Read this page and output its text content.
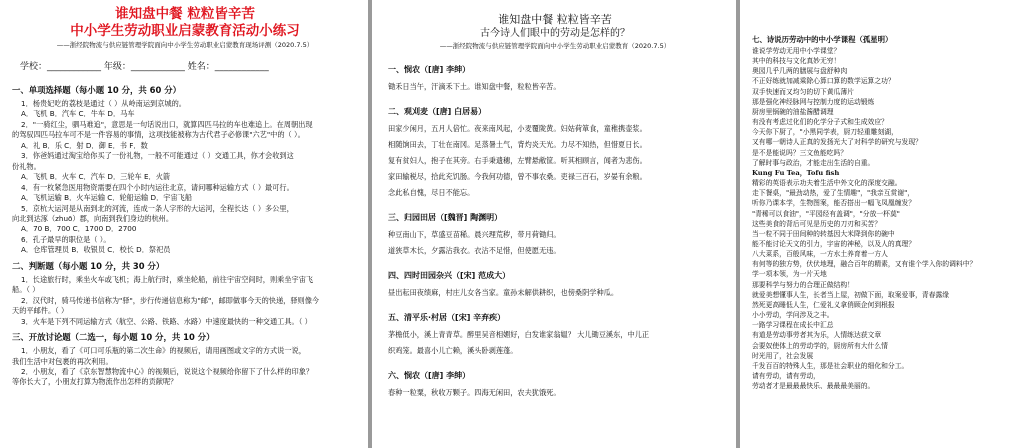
谁知盘中餐 粒粒皆辛苦
中小学生劳动职业启蒙教育活动小练习
——浙经院物流与供应链管理学院面向中小学生劳动职业启蒙教育现场评测（2020.7.5）
学校：____________ 年级：____________ 姓名：____________
一、单项选择题（每小题 10 分，共 60 分）
1．杨贵妃吃的荔枝是通过（ ）从岭南运到京城的。
A．飞机 B．汽车 C．牛车 D．马车
2．"一骑红尘，驷马难追"，意思是一句话说出口，就算四匹马拉的车也难追上。在周朝出现
的驾驭四匹马拉车可不是一件容易的事情，这项技能被称为古代君子必修课"六艺"中的（ ）。
A．礼 B．乐 C．射 D．御 E．书 F．数
3．你爸妈通过淘宝给你买了一份礼物，一般不可能通过（ ）交通工具，你才会收到这
份礼物。
A．飞机 B．火车 C．汽车 D．三轮车 E．火箭
4．有一枚紧急医用物资需要在四个小时内运往北京，请问哪种运输方式（ ）最可行。
A．飞机运输 B．火车运输 C．轮船运输 D．宇宙飞船
5．京杭大运河是从南到北的河流，连成一条人字形的大运河，全程长达（ ）多公里，
向北到达涿（zhuō）郡，向南到我们身边的杭州。
A．70 B．700 C．1700 D．2700
6．孔子最早的职位是（ ）。
A．仓库管理员 B．收银员 C．校长 D．祭祀员
二、判断题（每小题 10 分，共 30 分）
1．长途旅行时，乘坐火车或飞机；海上航行时，乘坐轮船，前往宇宙空间时，则乘坐宇宙飞
船。（ ）
2．汉代时，骑马传递书信称为"驿"，步行传递信息称为"邮"，邮即做事今天的快递，驿则像今
天的平邮件。（ ）
3．火车是下列不同运输方式（航空、公路、铁路、水路）中速度最快的一种交通工具。（ ）
三、开放讨论题（二选一，每小题 10 分，共 10 分）
1．小朋友，看了《可口可乐瓶的第二次生命》的视频后，请用画图或文字的方式说一说，
我们生活中对包裹的再次利用。
2．小朋友，看了《京东智慧物流中心》的视频后，说说这个视频给你留下了什么样的印象？
等你长大了，小朋友打算为物流作出怎样的贡献呢？
谁知盘中餐 粒粒皆辛苦
古今诗人们眼中的劳动是怎样的？
——浙经院物流与供应链管理学院面向中小学生劳动职业启蒙教育（2020.7.5）
一、悯农（[唐] 李绅）
锄禾日当午，汗滴禾下土。谁知盘中餐，粒粒皆辛苦。
二、观刈麦（[唐] 白居易）
田家少闲月，五月人倍忙。夜来南风起，小麦覆陇黄。妇姑荷箪食，童稚携壶浆。
相随饷田去，丁壮在南冈。足蒸暑土气，背灼炎天光。力尽不知热，但惜夏日长。
复有贫妇人，抱子在其旁。右手秉遗穗，左臂悬敝筐。听其相顾言，闻者为悲伤。
家田输税尽，拾此充饥肠。今我何功德，曾不事农桑。吏禄三百石，岁晏有余粮。
念此私自愧，尽日不能忘。
三、归园田居（[魏晋] 陶渊明）
种豆南山下，草盛豆苗稀。晨兴理荒秽，带月荷锄归。
道狭草木长，夕露沾我衣。衣沾不足惜，但使愿无违。
四、四时田园杂兴（[宋] 范成大）
昼出耘田夜绩麻，村庄儿女各当家。童孙未解供耕织，也傍桑阴学种瓜。
五、清平乐·村居（[宋] 辛弃疾）
茅檐低小，溪上青青草。醉里吴音相媚好，白发谁家翁媪？ 大儿锄豆溪东，中儿正
织鸡笼。最喜小儿亡赖，溪头卧剥莲蓬。
六、悯农（[唐] 李绅）
春种一粒粟，秋收万颗子。四海无闲田，农夫犹饿死。
七、诗说历劳动中的中小学课程（孤星明）
谁说学劳动无用中小学课堂？
其中的科技与文化真妙无穷！
奥园几乎几两的膳展与盘舒种肉
不正好练就加减乘除心算口算的数学运算之功？
双手快速而又均匀的切下黄瓜薄片
那是强化神经脉网与控制力度的运动锻炼
厨房里锅碗的油盐酱醋调理
有没有考虑过化们的化学分子式和生成效应？
今天你下厨了，"小黑同学表，厨刀轻重雕刻湖，
又有哪一朝诗人正真的发扬光大了对科学的研究与发现？
是不是能说吗？三文鱼能吃吗？
了解时事与政治，才能走出生活的自重。
Kung Fu Tea，Tofu fish
精彩的英语表示功夫着生活中外文化的深度交融。
走下餐桌，"最劲动热，爱了生情趣"，"我亲互赏谢"，
听你乃课本学，生物图案，能否搭出一幅飞凤凰缠发？
"青稀可以食油"，"平园经有盖调"，"分放一杯莫"
这些美食的背后可见是历史的刀刃和买苦？
当一粒不同于田间种的转基因大米降到你的碗中
能不能讨论天文的引力，宇宙的神秘，以及人的真理？
八大菜系，百般风味，一方水土养育着一方人
有何等的独方势，伏伏地理，融合百年的精素，又有谁个学入你的调料中？
学一项本领，为一片天地
那要科学与努力的合理正做结构！
就爱美想懂事人生，长者当上屋，初做下面，取案爱事，青春露缘
然死更高睡低人生，仁爱礼义拿俏顾企何到根报
小小劳动，学问涉及之丰。
一路学习课程在成长中汇总
有道是劳动事劳者其为乐，人情练达获文章
会要奴使体上的劳动学的，厨房所有大什么情
时光用了，社会发展
千发百百的特殊人生，那是社会职业的细化和分工。
请有劳动，请有劳动，
劳动者才是最最最快乐、最最最美丽的。
